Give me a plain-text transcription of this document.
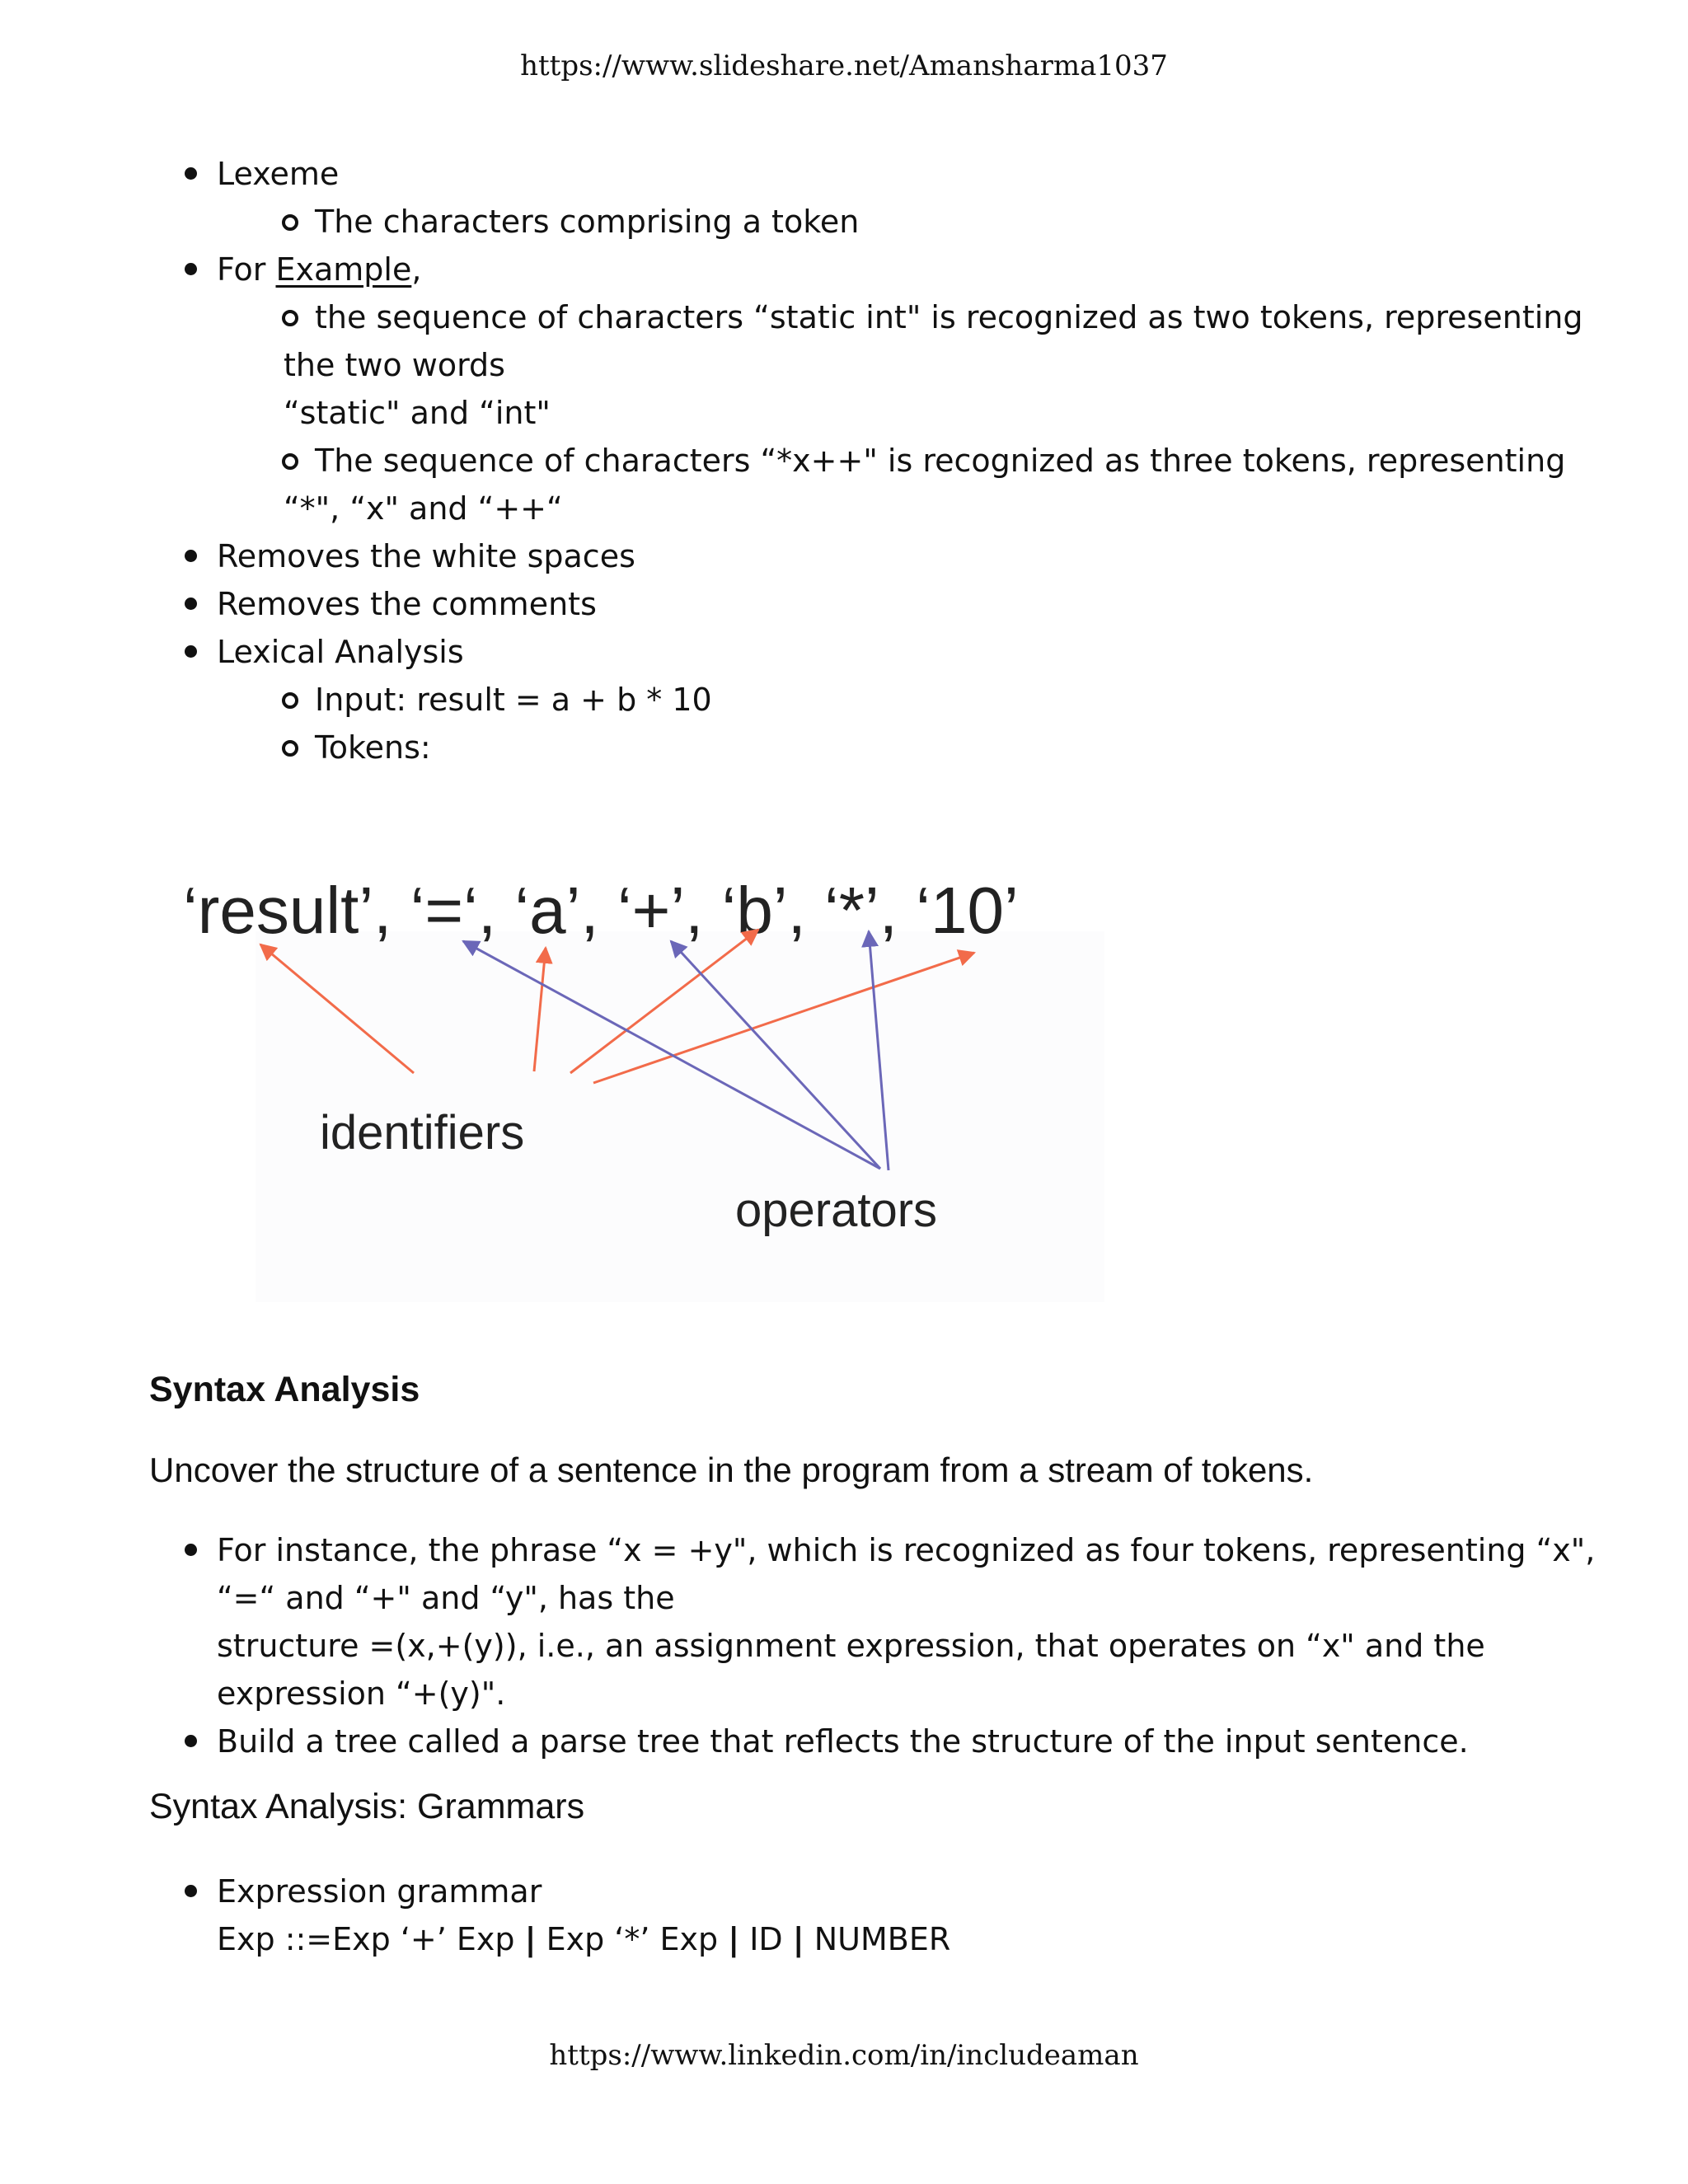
https://www.slideshare.net/Amansharma1037
Lexeme
The characters comprising a token
For Example,
the sequence of characters “static int" is recognized as two tokens, representing
the two words
“static" and “int"
The sequence of characters “*x++" is recognized as three tokens, representing
“*", “x" and “++“
Removes the white spaces
Removes the comments
Lexical Analysis
Input: result = a + b * 10
Tokens:
‘result’, ‘=‘, ‘a’, ‘+’, ‘b’, ‘*’, ‘10’
identifiers
operators
Syntax Analysis
Uncover the structure of a sentence in the program from a stream of tokens.
For instance, the phrase “x = +y", which is recognized as four tokens, representing “x",
“=“ and “+" and “y", has the
structure =(x,+(y)), i.e., an assignment expression, that operates on “x" and the
expression “+(y)".
Build a tree called a parse tree that reflects the structure of the input sentence.
Syntax Analysis: Grammars
Expression grammar
Exp ::=Exp ‘+’ Exp | Exp ‘*’ Exp | ID | NUMBER
https://www.linkedin.com/in/includeaman
